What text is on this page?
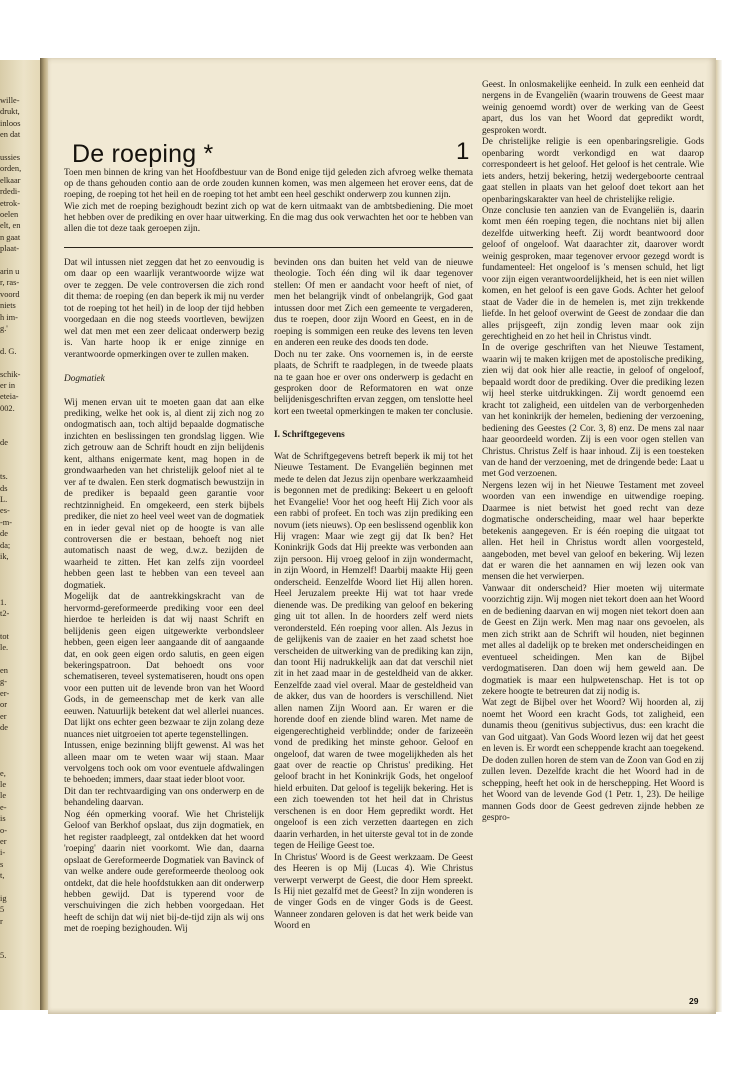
wille-
drukt,
inloos
en dat
ussies
orden,
elkaar
rdedi-
etrok-
oelen
elt, en
n gaat
plaat-
arin u
r, ras-
voord
niets
h im-
g.'
d. G.
schik-
er in
eteia-
002.
de
ts.
ds
L.
es-
-m-
de
da;
ik,
1.
t2-
tot
le.
en
g-
er-
or
er
de
e,
le
le
e-
is
o-
er
i-
s
t,
ig
5
r
5.
De roeping *	1

Toen men binnen de kring van het Hoofdbestuur van de Bond enige tijd geleden zich afvroeg welke themata op de thans gehouden contio aan de orde zouden kunnen komen, was men algemeen het erover eens, dat de roeping, de roeping tot het heil en de roeping tot het ambt een heel geschikt onderwerp zou kunnen zijn.

Wie zich met de roeping bezighoudt bezint zich op wat de kern uitmaakt van de ambtsbediening. Die moet het hebben over de prediking en over haar uitwerking. En die mag dus ook verwachten het oor te hebben van allen die tot deze taak geroepen zijn.

Dat wil intussen niet zeggen dat het zo eenvoudig is om daar op een waarlijk verantwoorde wijze wat over te zeggen. De vele controversen die zich rond dit thema: de roeping (en dan beperk ik mij nu verder tot de roeping tot het heil) in de loop der tijd hebben voorgedaan en die nog steeds voortleven, bewijzen wel dat men met een zeer delicaat onderwerp bezig is. Van harte hoop ik er enige zinnige en verantwoorde opmerkingen over te zullen maken.

Dogmatiek

Wij menen ervan uit te moeten gaan dat aan elke prediking, welke het ook is, al dient zij zich nog zo ondogmatisch aan, toch altijd bepaalde dogmatische inzichten en beslissingen ten grondslag liggen. Wie zich getrouw aan de Schrift houdt en zijn belijdenis kent, althans enigermate kent, mag hopen in de grondwaarheden van het christelijk geloof niet al te ver af te dwalen. Een sterk dogmatisch bewustzijn in de prediker is bepaald geen garantie voor rechtzinnigheid. En omgekeerd, een sterk bijbels prediker, die niet zo heel veel weet van de dogmatiek en in ieder geval niet op de hoogte is van alle controversen die er bestaan, behoeft nog niet automatisch naast de weg, d.w.z. bezijden de waarheid te zitten. Het kan zelfs zijn voordeel hebben geen last te hebben van een teveel aan dogmatiek.

Mogelijk dat de aantrekkingskracht van de hervormd-gereformeerde prediking voor een deel hierdoe te herleiden is dat wij naast Schrift en belijdenis geen eigen uitgewerkte verbondsleer hebben, geen eigen leer aangaande dit of aangaande dat, en ook geen eigen ordo salutis, en geen eigen bekeringspatroon. Dat behoedt ons voor schematiseren, teveel systematiseren, houdt ons open voor een putten uit de levende bron van het Woord Gods, in de gemeenschap met de kerk van alle eeuwen. Natuurlijk betekent dat wel allerlei nuances. Dat lijkt ons echter geen bezwaar te zijn zolang deze nuances niet uitgroeien tot aperte tegenstellingen.

Intussen, enige bezinning blijft gewenst. Al was het alleen maar om te weten waar wij staan. Maar vervolgens toch ook om voor eventuele afdwalingen te behoeden; immers, daar staat ieder bloot voor.

Dit dan ter rechtvaardiging van ons onderwerp en de behandeling daarvan.

Nog één opmerking vooraf. Wie het Christelijk Geloof van Berkhof opslaat, dus zijn dogmatiek, en het register raadpleegt, zal ontdekken dat het woord 'roeping' daarin niet voorkomt. Wie dan, daarna opslaat de Gereformeerde Dogmatiek van Bavinck of van welke andere oude gereformeerde theoloog ook ontdekt, dat die hele hoofdstukken aan dit onderwerp hebben gewijd. Dat is typerend voor de verschuivingen die zich hebben voorgedaan. Het heeft de schijn dat wij niet bij-de-tijd zijn als wij ons met de roeping bezighouden. Wij

bevinden ons dan buiten het veld van de nieuwe theologie. Toch één ding wil ik daar tegenover stellen: Of men er aandacht voor heeft of niet, of men het belangrijk vindt of onbelangrijk, God gaat intussen door met Zich een gemeente te vergaderen, dus te roepen, door zijn Woord en Geest, en in de roeping is sommigen een reuke des levens ten leven en anderen een reuke des doods ten dode.

Doch nu ter zake. Ons voornemen is, in de eerste plaats, de Schrift te raadplegen, in de tweede plaats na te gaan hoe er over ons onderwerp is gedacht en gesproken door de Reformatoren en wat onze belijdenisgeschriften ervan zeggen, om tenslotte heel kort een tweetal opmerkingen te maken ter conclusie.

I. Schriftgegevens

Wat de Schriftgegevens betreft beperk ik mij tot het Nieuwe Testament. De Evangeliën beginnen met mede te delen dat Jezus zijn openbare werkzaamheid is begonnen met de prediking: Bekeert u en gelooft het Evangelie! Voor het oog heeft Hij Zich voor als een rabbi of profeet. En toch was zijn prediking een novum (iets nieuws). Op een beslissend ogenblik kon Hij vragen: Maar wie zegt gij dat Ik ben? Het Koninkrijk Gods dat Hij preekte was verbonden aan zijn persoon. Hij vroeg geloof in zijn wondermacht, in zijn Woord, in Hemzelf! Daarbij maakte Hij geen onderscheid. Eenzelfde Woord liet Hij allen horen. Heel Jeruzalem preekte Hij wat tot haar vrede dienende was. De prediking van geloof en bekering ging uit tot allen. In de hoorders zelf werd niets verondersteld. Eén roeping voor allen. Als Jezus in de gelijkenis van de zaaier en het zaad schetst hoe verscheiden de uitwerking van de prediking kan zijn, dan toont Hij nadrukkelijk aan dat dat verschil niet zit in het zaad maar in de gesteldheid van de akker. Eenzelfde zaad viel overal. Maar de gesteldheid van de akker, dus van de hoorders is verschillend. Niet allen namen Zijn Woord aan. Er waren er die horende doof en ziende blind waren. Met name de eigengerechtigheid verblindde; onder de farizeeën vond de prediking het minste gehoor. Geloof en ongeloof, dat waren de twee mogelijkheden als het gaat over de reactie op Christus' prediking. Het geloof bracht in het Koninkrijk Gods, het ongeloof hield erbuiten. Dat geloof is tegelijk bekering. Het is een zich toewenden tot het heil dat in Christus verschenen is en door Hem gepredikt wordt. Het ongeloof is een zich verzetten daartegen en zich daarin verharden, in het uiterste geval tot in de zonde tegen de Heilige Geest toe.

In Christus' Woord is de Geest werkzaam. De Geest des Heeren is op Mij (Lucas 4). Wie Christus verwerpt verwerpt de Geest, die door Hem spreekt. Is Hij niet gezalfd met de Geest? In zijn wonderen is de vinger Gods en de vinger Gods is de Geest. Wanneer zondaren geloven is dat het werk beide van Woord en

Geest. In onlosmakelijke eenheid. In zulk een eenheid dat nergens in de Evangeliën (waarin trouwens de Geest maar weinig genoemd wordt) over de werking van de Geest apart, dus los van het Woord dat gepredikt wordt, gesproken wordt.

De christelijke religie is een openbaringsreligie. Gods openbaring wordt verkondigd en wat daarop correspondeert is het geloof. Het geloof is het centrale. Wie iets anders, hetzij bekering, hetzij wedergeboorte centraal gaat stellen in plaats van het geloof doet tekort aan het openbaringskarakter van heel de christelijke religie.

Onze conclusie ten aanzien van de Evangeliën is, daarin komt men één roeping tegen, die nochtans niet bij allen dezelfde uitwerking heeft. Zij wordt beantwoord door geloof of ongeloof. Wat daarachter zit, daarover wordt weinig gesproken, maar tegenover ervoor gezegd wordt is fundamenteel: Het ongeloof is 's mensen schuld, het ligt voor zijn eigen verantwoordelijkheid, het is een niet willen komen, en het geloof is een gave Gods. Achter het geloof staat de Vader die in de hemelen is, met zijn trekkende liefde. In het geloof overwint de Geest de zondaar die dan alles prijsgeeft, zijn zondig leven maar ook zijn gerechtigheid en zo het heil in Christus vindt.

In de overige geschriften van het Nieuwe Testament, waarin wij te maken krijgen met de apostolische prediking, zien wij dat ook hier alle reactie, in geloof of ongeloof, bepaald wordt door de prediking. Over die prediking lezen wij heel sterke uitdrukkingen. Zij wordt genoemd een kracht tot zaligheid, een uitdelen van de verborgenheden van het koninkrijk der hemelen, bediening der verzoening, bediening des Geestes (2 Cor. 3, 8) enz. De mens zal naar haar geoordeeld worden. Zij is een voor ogen stellen van Christus. Christus Zelf is haar inhoud. Zij is een toesteken van de hand der verzoening, met de dringende bede: Laat u met God verzoenen.

Nergens lezen wij in het Nieuwe Testament met zoveel woorden van een inwendige en uitwendige roeping. Daarmee is niet betwist het goed recht van deze dogmatische onderscheiding, maar wel haar beperkte betekenis aangegeven. Er is één roeping die uitgaat tot allen. Het heil in Christus wordt allen voorgesteld, aangeboden, met bevel van geloof en bekering. Wij lezen dat er waren die het aannamen en wij lezen ook van mensen die het verwierpen.

Vanwaar dit onderscheid? Hier moeten wij uitermate voorzichtig zijn. Wij mogen niet tekort doen aan het Woord en de bediening daarvan en wij mogen niet tekort doen aan de Geest en Zijn werk. Men mag naar ons gevoelen, als men zich strikt aan de Schrift wil houden, niet beginnen met alles al dadelijk op te breken met onderscheidingen en eventueel scheidingen. Men kan de Bijbel verdogmatiseren. Dan doen wij hem geweld aan. De dogmatiek is maar een hulpwetenschap. Het is tot op zekere hoogte te betreuren dat zij nodig is.

Wat zegt de Bijbel over het Woord? Wij hoorden al, zij noemt het Woord een kracht Gods, tot zaligheid, een dunamis theou (genitivus subjectivus, dus: een kracht die van God uitgaat). Van Gods Woord lezen wij dat het geest en leven is. Er wordt een scheppende kracht aan toegekend. De doden zullen horen de stem van de Zoon van God en zij zullen leven. Dezelfde kracht die het Woord had in de schepping, heeft het ook in de herschepping. Het Woord is het Woord van de levende God (1 Petr. 1, 23). De heilige mannen Gods door de Geest gedreven zijnde hebben ze gespro-

29
